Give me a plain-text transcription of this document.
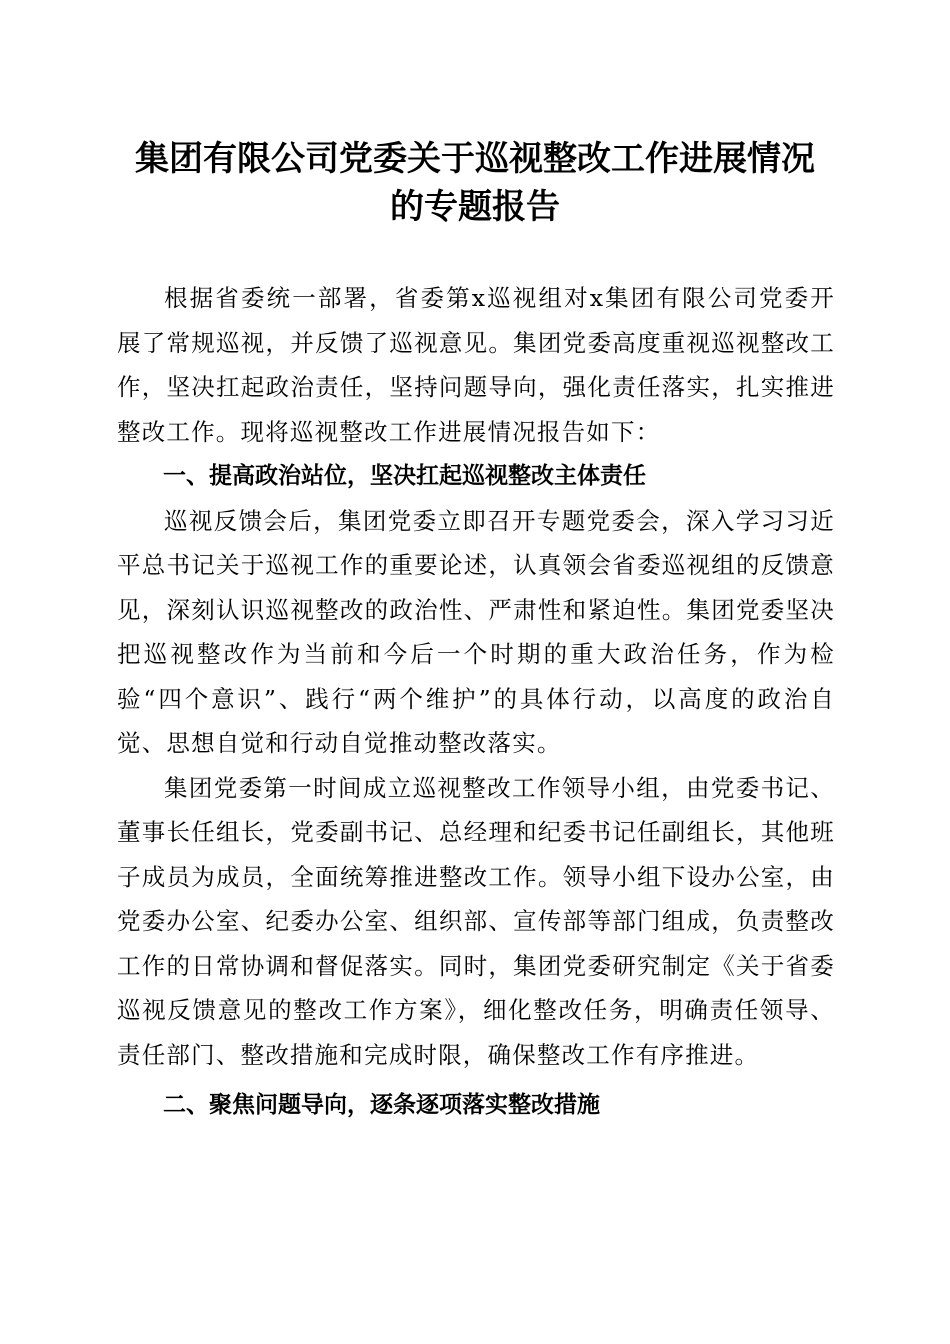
集团有限公司党委关于巡视整改工作进展情况
的专题报告

根据省委统一部署，省委第x巡视组对x集团有限公司党委开展了常规巡视，并反馈了巡视意见。集团党委高度重视巡视整改工作，坚决扛起政治责任，坚持问题导向，强化责任落实，扎实推进整改工作。现将巡视整改工作进展情况报告如下：

一、提高政治站位，坚决扛起巡视整改主体责任

巡视反馈会后，集团党委立即召开专题党委会，深入学习习近平总书记关于巡视工作的重要论述，认真领会省委巡视组的反馈意见，深刻认识巡视整改的政治性、严肃性和紧迫性。集团党委坚决把巡视整改作为当前和今后一个时期的重大政治任务，作为检验“四个意识”、践行“两个维护”的具体行动，以高度的政治自觉、思想自觉和行动自觉推动整改落实。

集团党委第一时间成立巡视整改工作领导小组，由党委书记、董事长任组长，党委副书记、总经理和纪委书记任副组长，其他班子成员为成员，全面统筹推进整改工作。领导小组下设办公室，由党委办公室、纪委办公室、组织部、宣传部等部门组成，负责整改工作的日常协调和督促落实。同时，集团党委研究制定《关于省委巡视反馈意见的整改工作方案》，细化整改任务，明确责任领导、责任部门、整改措施和完成时限，确保整改工作有序推进。

二、聚焦问题导向，逐条逐项落实整改措施
